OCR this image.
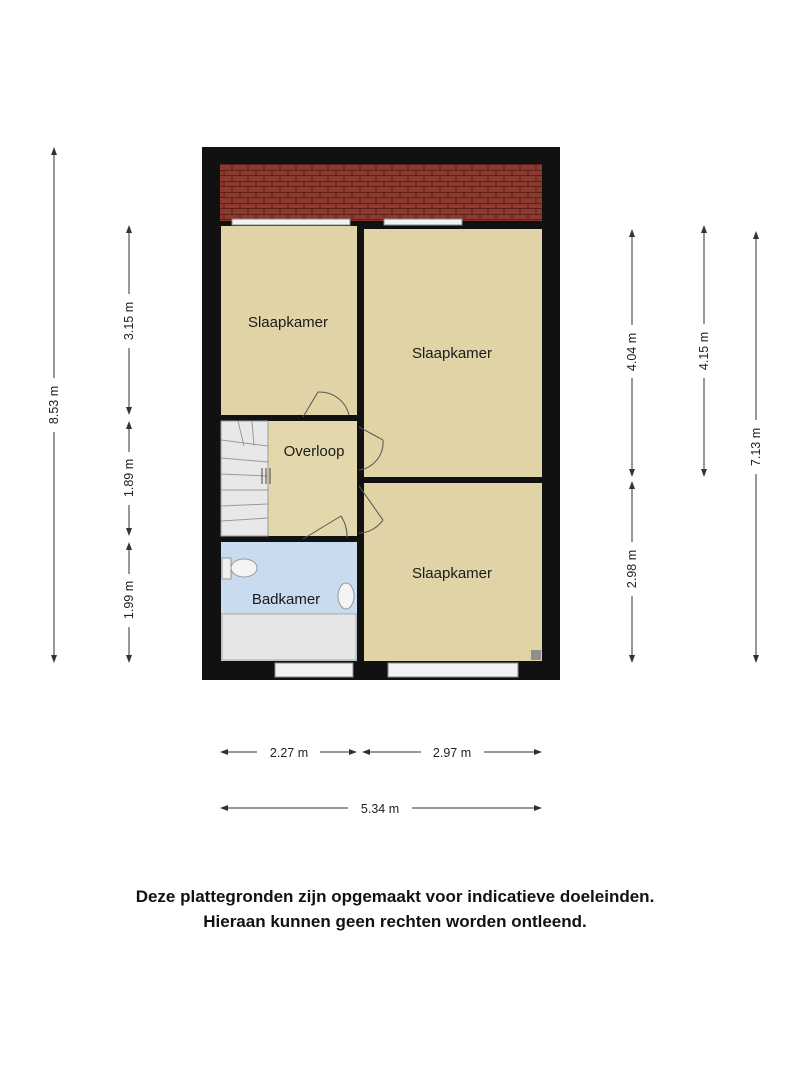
Slaapkamer
Slaapkamer
Slaapkamer
Overloop
Badkamer
8.53 m
3.15 m
1.89 m
1.99 m
4.04 m
2.98 m
4.15 m
7.13 m
2.27 m	2.97 m
5.34 m
Deze plattegronden zijn opgemaakt voor indicatieve doeleinden.
Hieraan kunnen geen rechten worden ontleend.
